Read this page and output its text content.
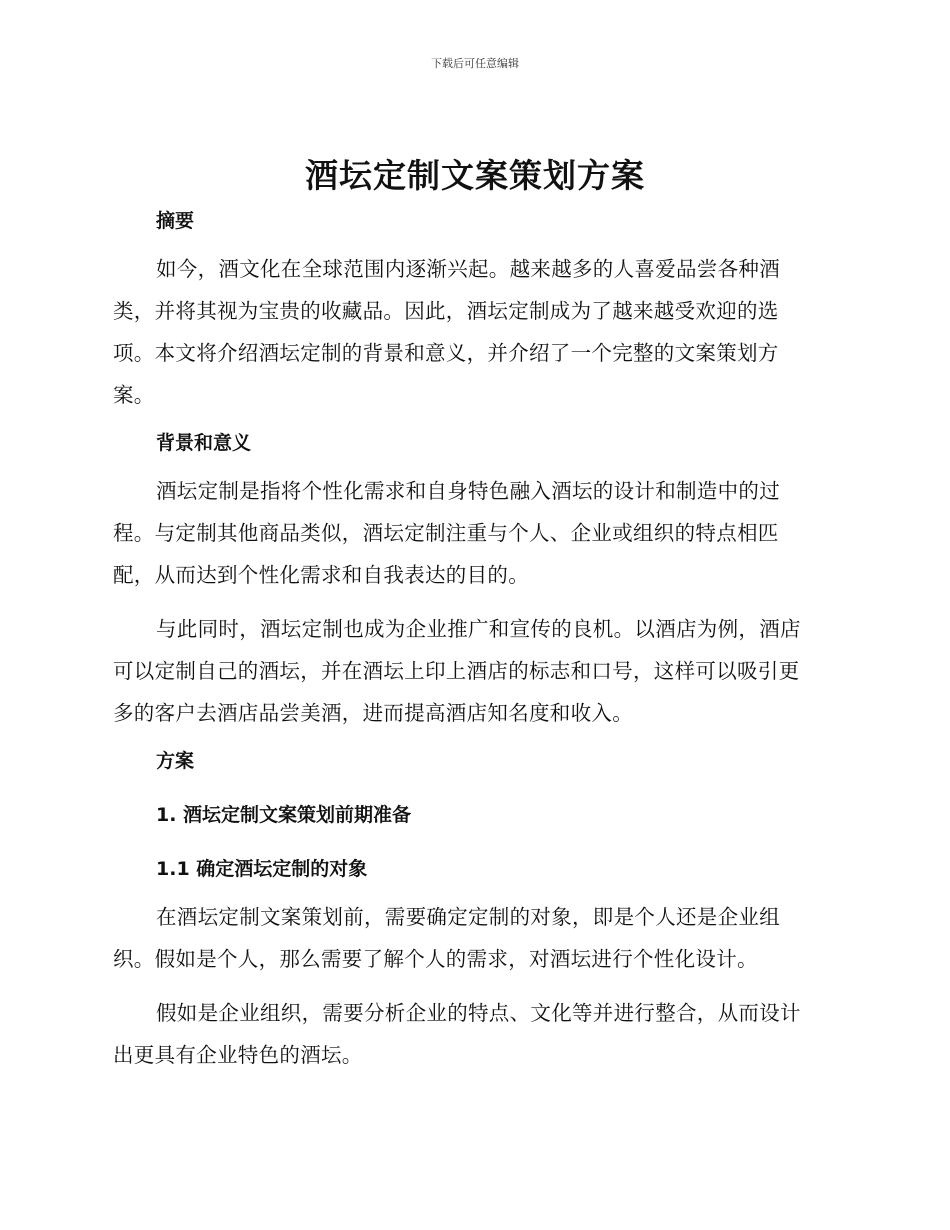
下载后可任意编辑
酒坛定制文案策划方案

摘要

如今，酒文化在全球范围内逐渐兴起。越来越多的人喜爱品尝各种酒
类，并将其视为宝贵的收藏品。因此，酒坛定制成为了越来越受欢迎的选
项。本文将介绍酒坛定制的背景和意义，并介绍了一个完整的文案策划方
案。

背景和意义

酒坛定制是指将个性化需求和自身特色融入酒坛的设计和制造中的过
程。与定制其他商品类似，酒坛定制注重与个人、企业或组织的特点相匹
配，从而达到个性化需求和自我表达的目的。

与此同时，酒坛定制也成为企业推广和宣传的良机。以酒店为例，酒店
可以定制自己的酒坛，并在酒坛上印上酒店的标志和口号，这样可以吸引更
多的客户去酒店品尝美酒，进而提高酒店知名度和收入。

方案

1. 酒坛定制文案策划前期准备

1.1 确定酒坛定制的对象

在酒坛定制文案策划前，需要确定定制的对象，即是个人还是企业组
织。假如是个人，那么需要了解个人的需求，对酒坛进行个性化设计。

假如是企业组织，需要分析企业的特点、文化等并进行整合，从而设计
出更具有企业特色的酒坛。
